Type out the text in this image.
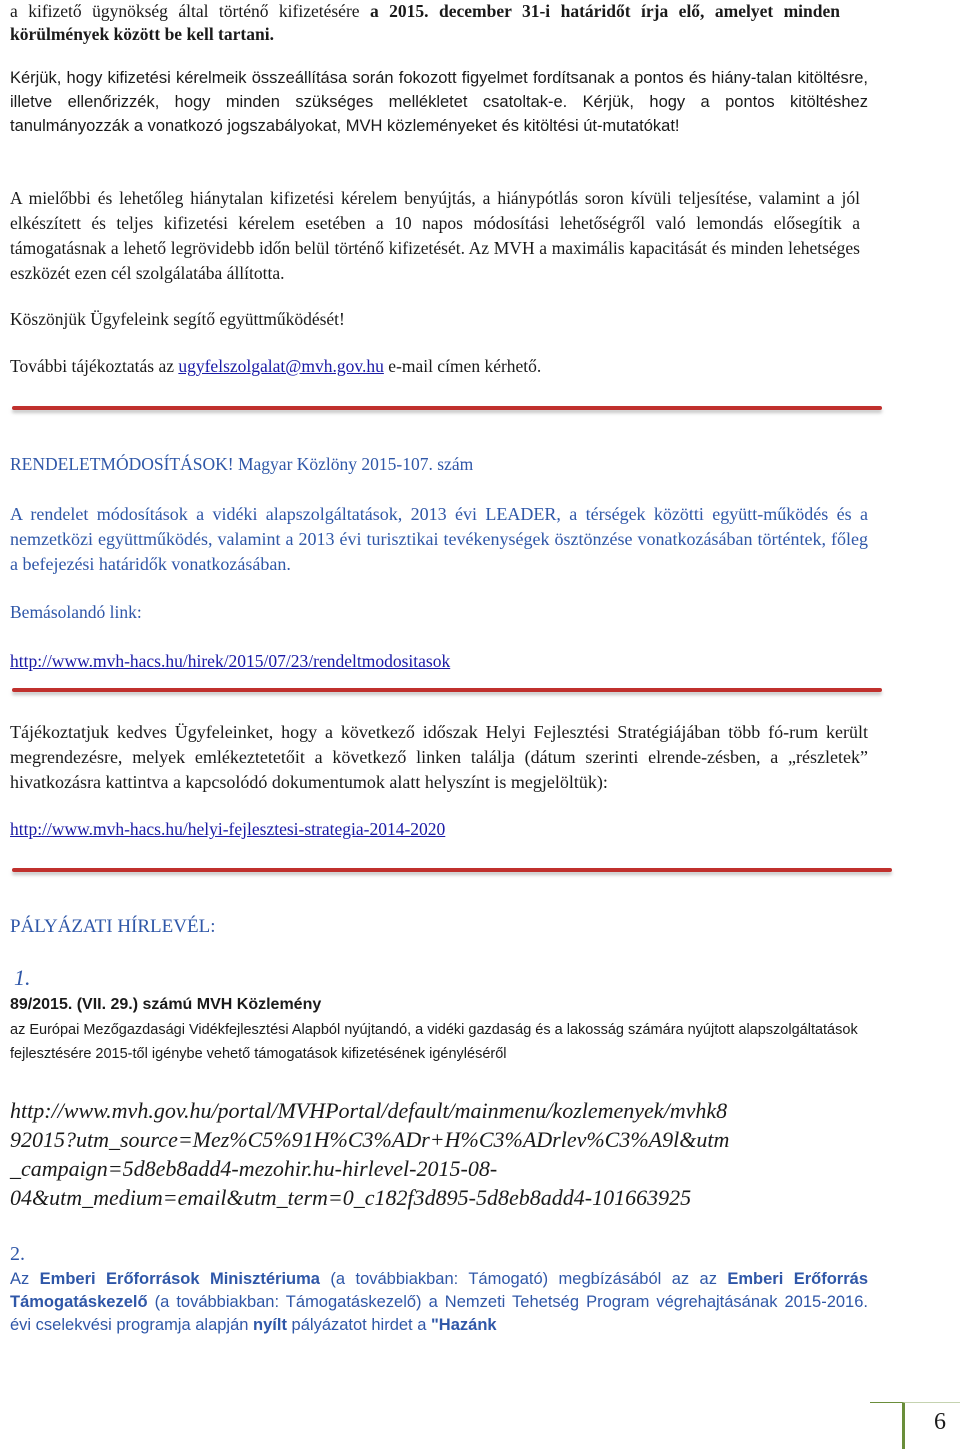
a kifizető ügynökség által történő kifizetésére a 2015. december 31-i határidőt írja elő, amelyet minden körülmények között be kell tartani.

Kérjük, hogy kifizetési kérelmeik összeállítása során fokozott figyelmet fordítsanak a pontos és hiány-talan kitöltésre, illetve ellenőrizzék, hogy minden szükséges mellékletet csatoltak-e. Kérjük, hogy a pontos kitöltéshez tanulmányozzák a vonatkozó jogszabályokat, MVH közleményeket és kitöltési út-mutatókat!

A mielőbbi és lehetőleg hiánytalan kifizetési kérelem benyújtás, a hiánypótlás soron kívüli teljesítése, valamint a jól elkészített és teljes kifizetési kérelem esetében a 10 napos módosítási lehetőségről való lemondás elősegítik a támogatásnak a lehető legrövidebb időn belül történő kifizetését. Az MVH a maximális kapacitását és minden lehetséges eszközét ezen cél szolgálatába állította.

Köszönjük Ügyfeleink segítő együttműködését!

További tájékoztatás az ugyfelszolgalat@mvh.gov.hu e-mail címen kérhető.

RENDELETMÓDOSÍTÁSOK! Magyar Közlöny 2015-107. szám

A rendelet módosítások a vidéki alapszolgáltatások, 2013 évi LEADER, a térségek közötti együtt-működés és a nemzetközi együttműködés, valamint a 2013 évi turisztikai tevékenységek ösztönzése vonatkozásában történtek, főleg a befejezési határidők vonatkozásában.

Bemásolandó link:

http://www.mvh-hacs.hu/hirek/2015/07/23/rendeltmodositasok

Tájékoztatjuk kedves Ügyfeleinket, hogy a következő időszak Helyi Fejlesztési Stratégiájában több fó-rum került megrendezésre, melyek emlékeztetetőit a következő linken találja (dátum szerinti elrende-zésben, a „részletek” hivatkozásra kattintva a kapcsolódó dokumentumok alatt helyszínt is megjelöltük):

http://www.mvh-hacs.hu/helyi-fejlesztesi-strategia-2014-2020

PÁLYÁZATI HÍRLEVÉL:

1.

89/2015. (VII. 29.) számú MVH Közlemény

az Európai Mezőgazdasági Vidékfejlesztési Alapból nyújtandó, a vidéki gazdaság és a lakosság számára nyújtott alapszolgáltatások fejlesztésére 2015-től igénybe vehető támogatások kifizetésének igényléséről

http://www.mvh.gov.hu/portal/MVHPortal/default/mainmenu/kozlemenyek/mvhk8
92015?utm_source=Mez%C5%91H%C3%ADr+H%C3%ADrlev%C3%A9l&utm
_campaign=5d8eb8add4-mezohir.hu-hirlevel-2015-08-
04&utm_medium=email&utm_term=0_c182f3d895-5d8eb8add4-101663925

2.

Az Emberi Erőforrások Minisztériuma (a továbbiakban: Támogató) megbízásából az az Emberi Erőforrás Támogatáskezelő (a továbbiakban: Támogatáskezelő) a Nemzeti Tehetség Program végrehajtásának 2015-2016. évi cselekvési programja alapján nyílt pályázatot hirdet a "Hazánk

6
